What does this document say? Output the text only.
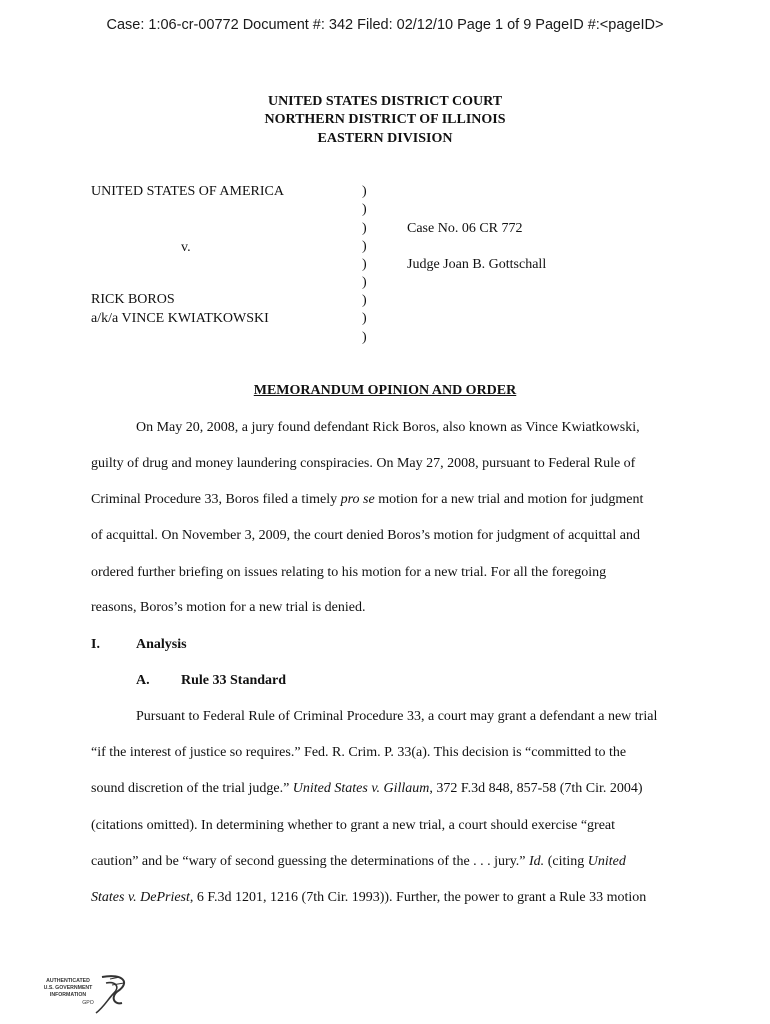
Case: 1:06-cr-00772 Document #: 342 Filed: 02/12/10 Page 1 of 9 PageID #:<pageID>
UNITED STATES DISTRICT COURT
NORTHERN DISTRICT OF ILLINOIS
EASTERN DIVISION
UNITED STATES OF AMERICA
v.
RICK BOROS
a/k/a VINCE KWIATKOWSKI
)
)
)
)
)
)
)
)
)
Case No. 06 CR 772
Judge Joan B. Gottschall
MEMORANDUM OPINION AND ORDER
On May 20, 2008, a jury found defendant Rick Boros, also known as Vince Kwiatkowski,
guilty of drug and money laundering conspiracies. On May 27, 2008, pursuant to Federal Rule of
Criminal Procedure 33, Boros filed a timely pro se motion for a new trial and motion for judgment
of acquittal. On November 3, 2009, the court denied Boros’s motion for judgment of acquittal and
ordered further briefing on issues relating to his motion for a new trial. For all the foregoing
reasons, Boros’s motion for a new trial is denied.
I.	Analysis
A. Rule 33 Standard
Pursuant to Federal Rule of Criminal Procedure 33, a court may grant a defendant a new trial
“if the interest of justice so requires.” Fed. R. Crim. P. 33(a). This decision is “committed to the
sound discretion of the trial judge.” United States v. Gillaum, 372 F.3d 848, 857-58 (7th Cir. 2004)
(citations omitted). In determining whether to grant a new trial, a court should exercise “great
caution” and be “wary of second guessing the determinations of the . . . jury.” Id. (citing United
States v. DePriest, 6 F.3d 1201, 1216 (7th Cir. 1993)). Further, the power to grant a Rule 33 motion
AUTHENTICATED
U.S. GOVERNMENT
INFORMATION
GPO
